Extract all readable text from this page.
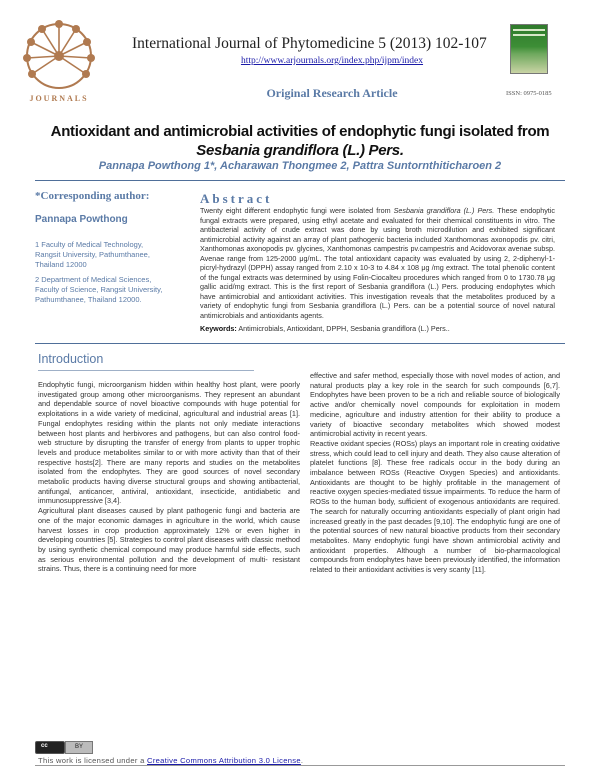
JOURNALS
International Journal of Phytomedicine 5 (2013) 102-107
http://www.arjournals.org/index.php/ijpm/index
ISSN: 0975-0185
Original Research Article
Antioxidant and antimicrobial activities of endophytic fungi isolated from
Sesbania grandiflora (L.) Pers.
Pannapa Powthong 1*, Acharawan Thongmee 2, Pattra Suntornthiticharoen 2
*Corresponding author:
Pannapa Powthong
1 Faculty of Medical Technology, Rangsit University, Pathumthanee, Thailand 12000
2 Department of Medical Sciences, Faculty of Science, Rangsit University, Pathumthanee, Thailand 12000.
Abstract
Twenty eight different endophytic fungi were isolated from Sesbania grandiflora (L.) Pers. These endophytic fungal extracts were prepared, using ethyl acetate and evaluated for their chemical constituents in vitro. The antibacterial activity of crude extract was done by using broth microdilution and exhibited significant antimicrobial activity against an array of plant pathogenic bacteria included Xanthomonas axonopodis pv. citri, Xanthomonas axonopodis pv. glycines, Xanthomonas campestris pv.campestris and Acidovorax avenae subsp. Avenae range from 125-2000 μg/mL. The total antioxidant capacity was evaluated by using 2, 2-diphenyl-1-picryl-hydrazyl (DPPH) assay ranged from 2.10 x 10-3 to 4.84 x 108 μg /mg extract. The total phenolic content of the fungal extracts was determined by using Folin-Ciocalteu procedures which ranged from 0 to 1730.78 μg gallic acid/mg extract. This is the first report of Sesbania grandiflora (L.) Pers. producing endophytes which have antimicrobial and antioxidant activities. This investigation reveals that the metabolites produced by a variety of endophytic fungi from Sesbania grandiflora (L.) Pers. can be a potential source of novel natural antimicrobials and antioxidants agents.
Keywords: Antimicrobials, Antioxidant, DPPH, Sesbania grandiflora (L.) Pers..
Introduction

Endophytic fungi, microorganism hidden within healthy host plant, were poorly investigated group among other microorganisms. They represent an abundant and dependable source of novel bioactive compounds with huge potential for exploitations in a wide variety of medicinal, agricultural and industrial areas [1]. Fungal endophytes residing within the plants not only mediate interactions between host plants and herbivores and pathogens, but can also control food-web structure by disrupting the transfer of energy from plants to upper trophic levels and produce metabolites similar to or with more activity than that of their respective hosts[2]. There are many reports and studies on the metabolites isolated from the endophytes. They are good sources of novel secondary metabolic products having diverse structural groups and showing antibacterial, antifungal, anticancer, antiviral, antioxidant, insecticide, antidiabetic and immunosuppressive [3,4].

Agricultural plant diseases caused by plant pathogenic fungi and bacteria are one of the major economic damages in agriculture in the world, which cause harvest losses in crop production approximately 12% or even higher in developing countries [5]. Strategies to control plant diseases with classic method by using synthetic chemical compound may produce harmful side effects, such as serious environmental pollution and the development of multi- resistant strains. Thus, there is a continuing need for more

effective and safer method, especially those with novel modes of action, and natural products play a key role in the search for such compounds [6,7]. Endophytes have been proven to be a rich and reliable source of biologically active and/or chemically novel compounds for exploitation in modern medicine, agriculture and industry attention for their ability to produce a variety of bioactive secondary metabolites which showed modest antimicrobial activity in recent years.

Reactive oxidant species (ROSs) plays an important role in creating oxidative stress, which could lead to cell injury and death. They also cause alteration of platelet functions [8]. These free radicals occur in the body during an imbalance between ROSs (Reactive Oxygen Species) and antioxidants. Antioxidants are thought to be highly profitable in the management of reactive oxygen species-mediated tissue impairments. To reduce the harm of ROSs to the human body, sufficient of exogenous antioxidants are required. The search for naturally occurring antioxidants especially of plant origin had increased greatly in the past decades [9,10]. The endophytic fungi are one of the potential sources of new natural bioactive products from their secondary metabolites. Many endophytic fungi have shown antimicrobial activity and antioxidant properties. Although a number of bio-pharmacological compounds from endophytes have been previously identified, the information related to their antioxidant activities is very scanty [11].

cc	BY
This work is licensed under a Creative Commons Attribution 3.0 License.
